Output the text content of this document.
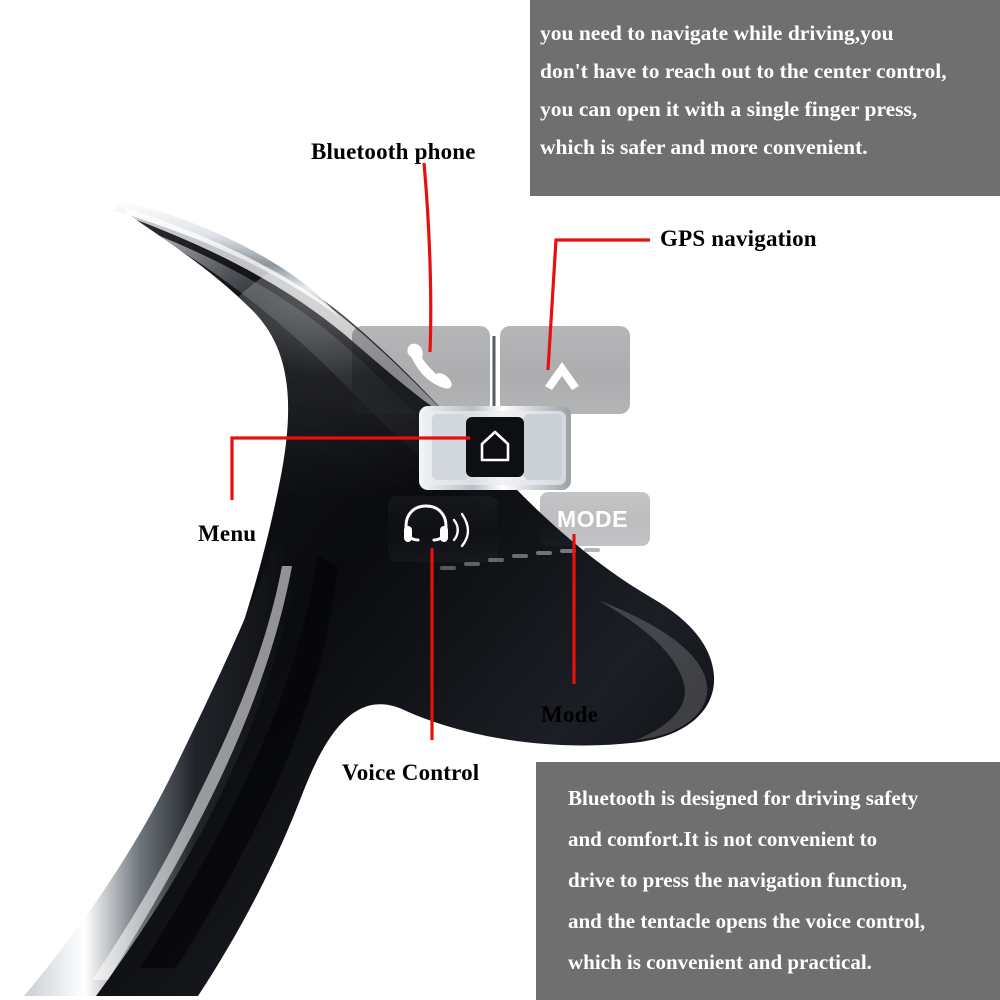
MODE
Bluetooth phone
GPS navigation
Menu
Voice Control
Mode
you need to navigate while driving,you
don't have to reach out to the center control,
you can open it with a single finger press,
which is safer and more convenient.
Bluetooth is designed for driving safety
and comfort.It is not convenient to
drive to press the navigation function,
and the tentacle opens the voice control,
which is convenient and practical.
